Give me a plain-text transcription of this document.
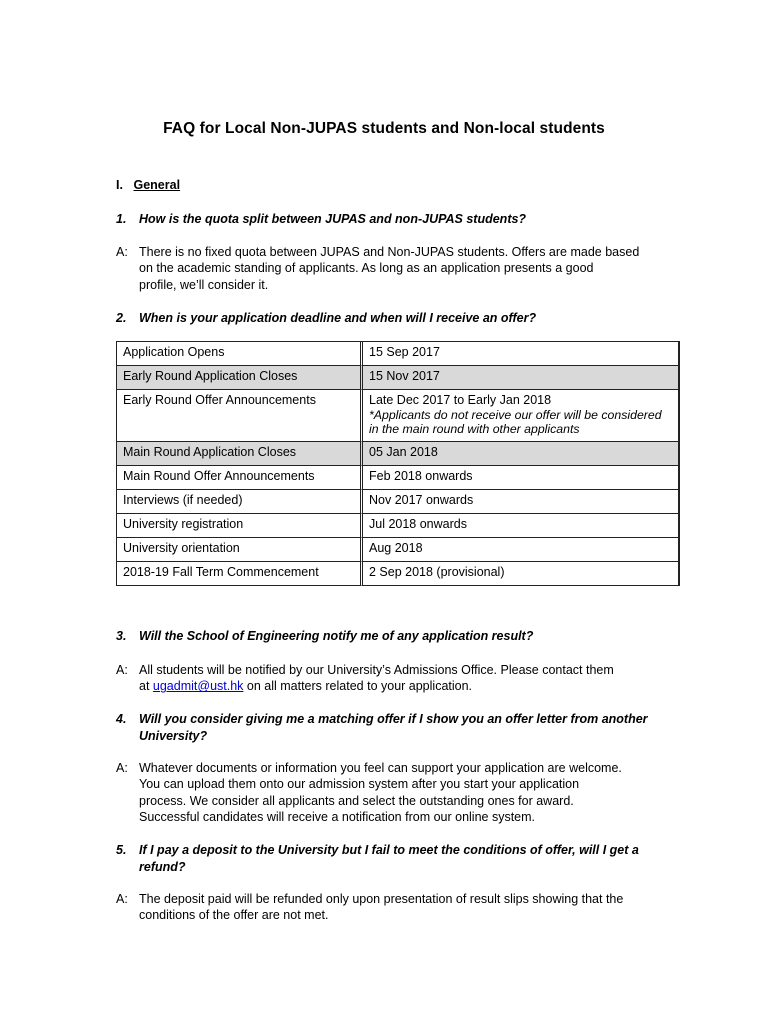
FAQ for Local Non-JUPAS students and Non-local students
I. General
1. How is the quota split between JUPAS and non-JUPAS students?
A: There is no fixed quota between JUPAS and Non-JUPAS students. Offers are made based
on the academic standing of applicants. As long as an application presents a good
profile, we’ll consider it.
2. When is your application deadline and when will I receive an offer?
Application Opens	15 Sep 2017
Early Round Application Closes	15 Nov 2017
Early Round Offer Announcements	Late Dec 2017 to Early Jan 2018
*Applicants do not receive our offer will be considered in the main round with other applicants

Main Round Application Closes	05 Jan 2018
Main Round Offer Announcements	Feb 2018 onwards
Interviews (if needed)	Nov 2017 onwards
University registration	Jul 2018 onwards
University orientation	Aug 2018
2018-19 Fall Term Commencement	2 Sep 2018 (provisional)
3. Will the School of Engineering notify me of any application result?
A: All students will be notified by our University’s Admissions Office. Please contact them
at ugadmit@ust.hk on all matters related to your application.
4. Will you consider giving me a matching offer if I show you an offer letter from another
University?
A: Whatever documents or information you feel can support your application are welcome.
You can upload them onto our admission system after you start your application
process. We consider all applicants and select the outstanding ones for award.
Successful candidates will receive a notification from our online system.
5. If I pay a deposit to the University but I fail to meet the conditions of offer, will I get a
refund?
A: The deposit paid will be refunded only upon presentation of result slips showing that the
conditions of the offer are not met.
